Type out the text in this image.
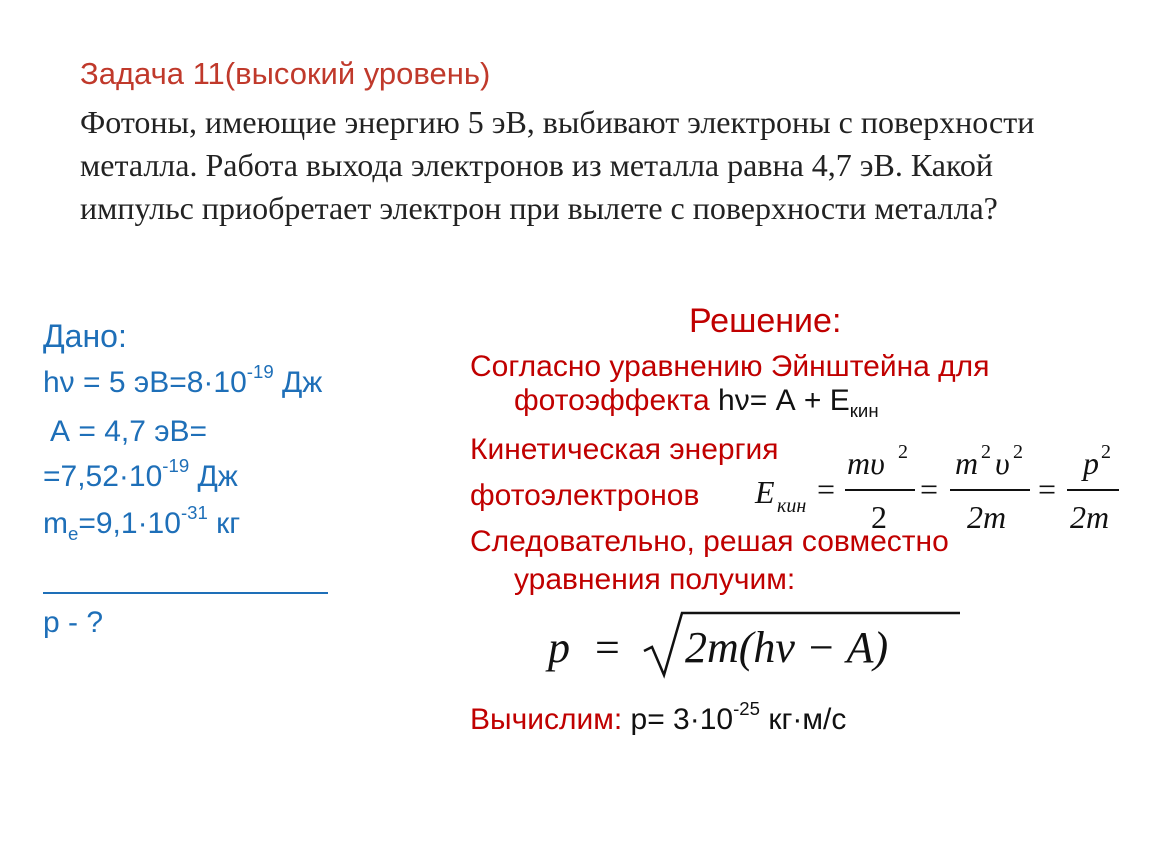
Задача 11(высокий уровень)
Фотоны, имеющие энергию 5 эВ, выбивают электроны с поверхности металла. Работа выхода электронов из металла равна 4,7 эВ. Какой импульс приобретает электрон при вылете с поверхности металла?
Дано:
hν = 5 $эВ=8\cdot 10^{-19}$ Дж
А = 4,7 эВ=
$=7,52\cdot 10^{-19}$ Дж
$m_e=9,1\cdot 10^{-31}$ кг
р - ?
Решение:
Согласно уравнению Эйнштейна для
фотоэффекта $h\nu= А + Е_{кин}$
Кинетическая энергия
фотоэлектронов
Следовательно, решая совместно
уравнения получим:
E кин =
mυ 2
2
=
m 2 υ 2
2m
=
p 2
2m
p = 2m(hν − A)
Вычислим: $р= 3\cdot 10^{-25}$ кг·м/с
